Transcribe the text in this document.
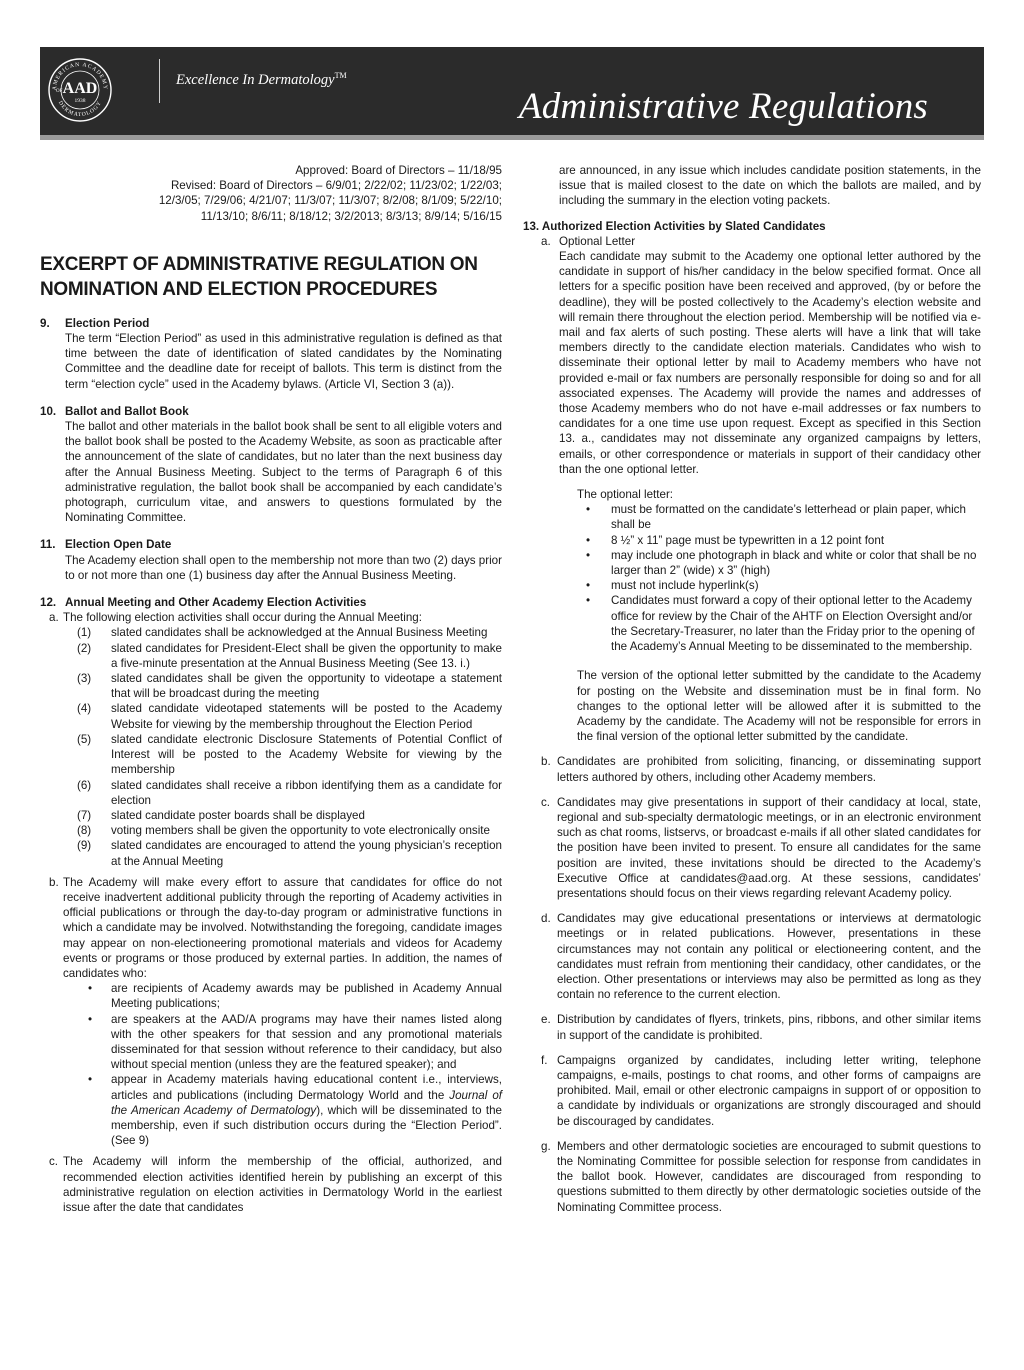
AMERICAN ACADEMY
DERMATOLOGY
OF AAD
1938
Excellence In Dermatology™
Administrative Regulations

Approved: Board of Directors – 11/18/95

Revised: Board of Directors – 6/9/01; 2/22/02; 11/23/02; 1/22/03;

12/3/05; 7/29/06; 4/21/07; 11/3/07; 11/3/07; 8/2/08; 8/1/09; 5/22/10;

11/13/10; 8/6/11; 8/18/12; 3/2/2013; 8/3/13; 8/9/14; 5/16/15

EXCERPT OF ADMINISTRATIVE REGULATION ON
NOMINATION AND ELECTION PROCEDURES
9.	Election Period

The term “Election Period” as used in this administrative regulation is defined as that time between the date of identification of slated candidates by the Nominating Committee and the deadline date for receipt of ballots. This term is distinct from the term “election cycle” used in the Academy bylaws. (Article VI, Section 3 (a)).

10. Ballot and Ballot Book

The ballot and other materials in the ballot book shall be sent to all eligible voters and the ballot book shall be posted to the Academy Website, as soon as practicable after the announcement of the slate of candidates, but no later than the next business day after the Annual Business Meeting. Subject to the terms of Paragraph 6 of this administrative regulation, the ballot book shall be accompanied by each candidate’s photograph, curriculum vitae, and answers to questions formulated by the Nominating Committee.

11. Election Open Date

The Academy election shall open to the membership not more than two (2) days prior to or not more than one (1) business day after the Annual Business Meeting.

12. Annual Meeting and Other Academy Election Activities
a. The following election activities shall occur during the Annual Meeting:

(1)	slated candidates shall be acknowledged at the Annual Business Meeting

(2)	slated candidates for President-Elect shall be given the opportunity to make a five-minute presentation at the Annual Business Meeting (See 13. i.)

(3)	slated candidates shall be given the opportunity to videotape a statement that will be broadcast during the meeting

(4)	slated candidate videotaped statements will be posted to the Academy Website for viewing by the membership throughout the Election Period

(5)	slated candidate electronic Disclosure Statements of Potential Conflict of Interest will be posted to the Academy Website for viewing by the membership

(6)	slated candidates shall receive a ribbon identifying them as a candidate for election

(7)	slated candidate poster boards shall be displayed

(8)	voting members shall be given the opportunity to vote electronically onsite

(9)	slated candidates are encouraged to attend the young physician’s reception at the Annual Meeting

b. The Academy will make every effort to assure that candidates for office do not receive inadvertent additional publicity through the reporting of Academy activities in official publications or through the day-to-day program or administrative functions in which a candidate may be involved. Notwithstanding the foregoing, candidate images may appear on non-electioneering promotional materials and videos for Academy events or programs or those produced by external parties. In addition, the names of candidates who:

•	are recipients of Academy awards may be published in Academy Annual Meeting publications;

•	are speakers at the AAD/A programs may have their names listed along with the other speakers for that session and any promotional materials disseminated for that session without reference to their candidacy, but also without special mention (unless they are the featured speaker); and

•	appear in Academy materials having educational content i.e., interviews, articles and publications (including Dermatology World and the Journal of the American Academy of Dermatology), which will be disseminated to the membership, even if such distribution occurs during the “Election Period”. (See 9)

c. The Academy will inform the membership of the official, authorized, and recommended election activities identified herein by publishing an excerpt of this administrative regulation on election activities in Dermatology World in the earliest issue after the date that candidates

are announced, in any issue which includes candidate position statements, in the issue that is mailed closest to the date on which the ballots are mailed, and by including the summary in the election voting packets.

13. Authorized Election Activities by Slated Candidates
a. Optional Letter

Each candidate may submit to the Academy one optional letter authored by the candidate in support of his/her candidacy in the below specified format. Once all letters for a specific position have been received and approved, (by or before the deadline), they will be posted collectively to the Academy’s election website and will remain there throughout the election period. Membership will be notified via e-mail and fax alerts of such posting. These alerts will have a link that will take members directly to the candidate election materials. Candidates who wish to disseminate their optional letter by mail to Academy members who have not provided e-mail or fax numbers are personally responsible for doing so and for all associated expenses. The Academy will provide the names and addresses of those Academy members who do not have e-mail addresses or fax numbers to candidates for a one time use upon request. Except as specified in this Section 13. a., candidates may not disseminate any organized campaigns by letters, emails, or other correspondence or materials in support of their candidacy other than the one optional letter.

The optional letter:

•	must be formatted on the candidate’s letterhead or plain paper, which shall be

•	8 ½” x 11” page must be typewritten in a 12 point font

•	may include one photograph in black and white or color that shall be no larger than 2” (wide) x 3” (high)

•	must not include hyperlink(s)

•	Candidates must forward a copy of their optional letter to the Academy office for review by the Chair of the AHTF on Election Oversight and/or the Secretary-Treasurer, no later than the Friday prior to the opening of the Academy’s Annual Meeting to be disseminated to the membership.

The version of the optional letter submitted by the candidate to the Academy for posting on the Website and dissemination must be in final form. No changes to the optional letter will be allowed after it is submitted to the Academy by the candidate. The Academy will not be responsible for errors in the final version of the optional letter submitted by the candidate.

b. Candidates are prohibited from soliciting, financing, or disseminating support letters authored by others, including other Academy members.

c. Candidates may give presentations in support of their candidacy at local, state, regional and sub-specialty dermatologic meetings, or in an electronic environment such as chat rooms, listservs, or broadcast e-mails if all other slated candidates for the position have been invited to present. To ensure all candidates for the same position are invited, these invitations should be directed to the Academy’s Executive Office at candidates@aad.org. At these sessions, candidates’ presentations should focus on their views regarding relevant Academy policy.

d. Candidates may give educational presentations or interviews at dermatologic meetings or in related publications. However, presentations in these circumstances may not contain any political or electioneering content, and the candidates must refrain from mentioning their candidacy, other candidates, or the election. Other presentations or interviews may also be permitted as long as they contain no reference to the current election.

e. Distribution by candidates of flyers, trinkets, pins, ribbons, and other similar items in support of the candidate is prohibited.

f. Campaigns organized by candidates, including letter writing, telephone campaigns, e-mails, postings to chat rooms, and other forms of campaigns are prohibited. Mail, email or other electronic campaigns in support of or opposition to a candidate by individuals or organizations are strongly discouraged and should be discouraged by candidates.

g. Members and other dermatologic societies are encouraged to submit questions to the Nominating Committee for possible selection for response from candidates in the ballot book. However, candidates are discouraged from responding to questions submitted to them directly by other dermatologic societies outside of the Nominating Committee process.
